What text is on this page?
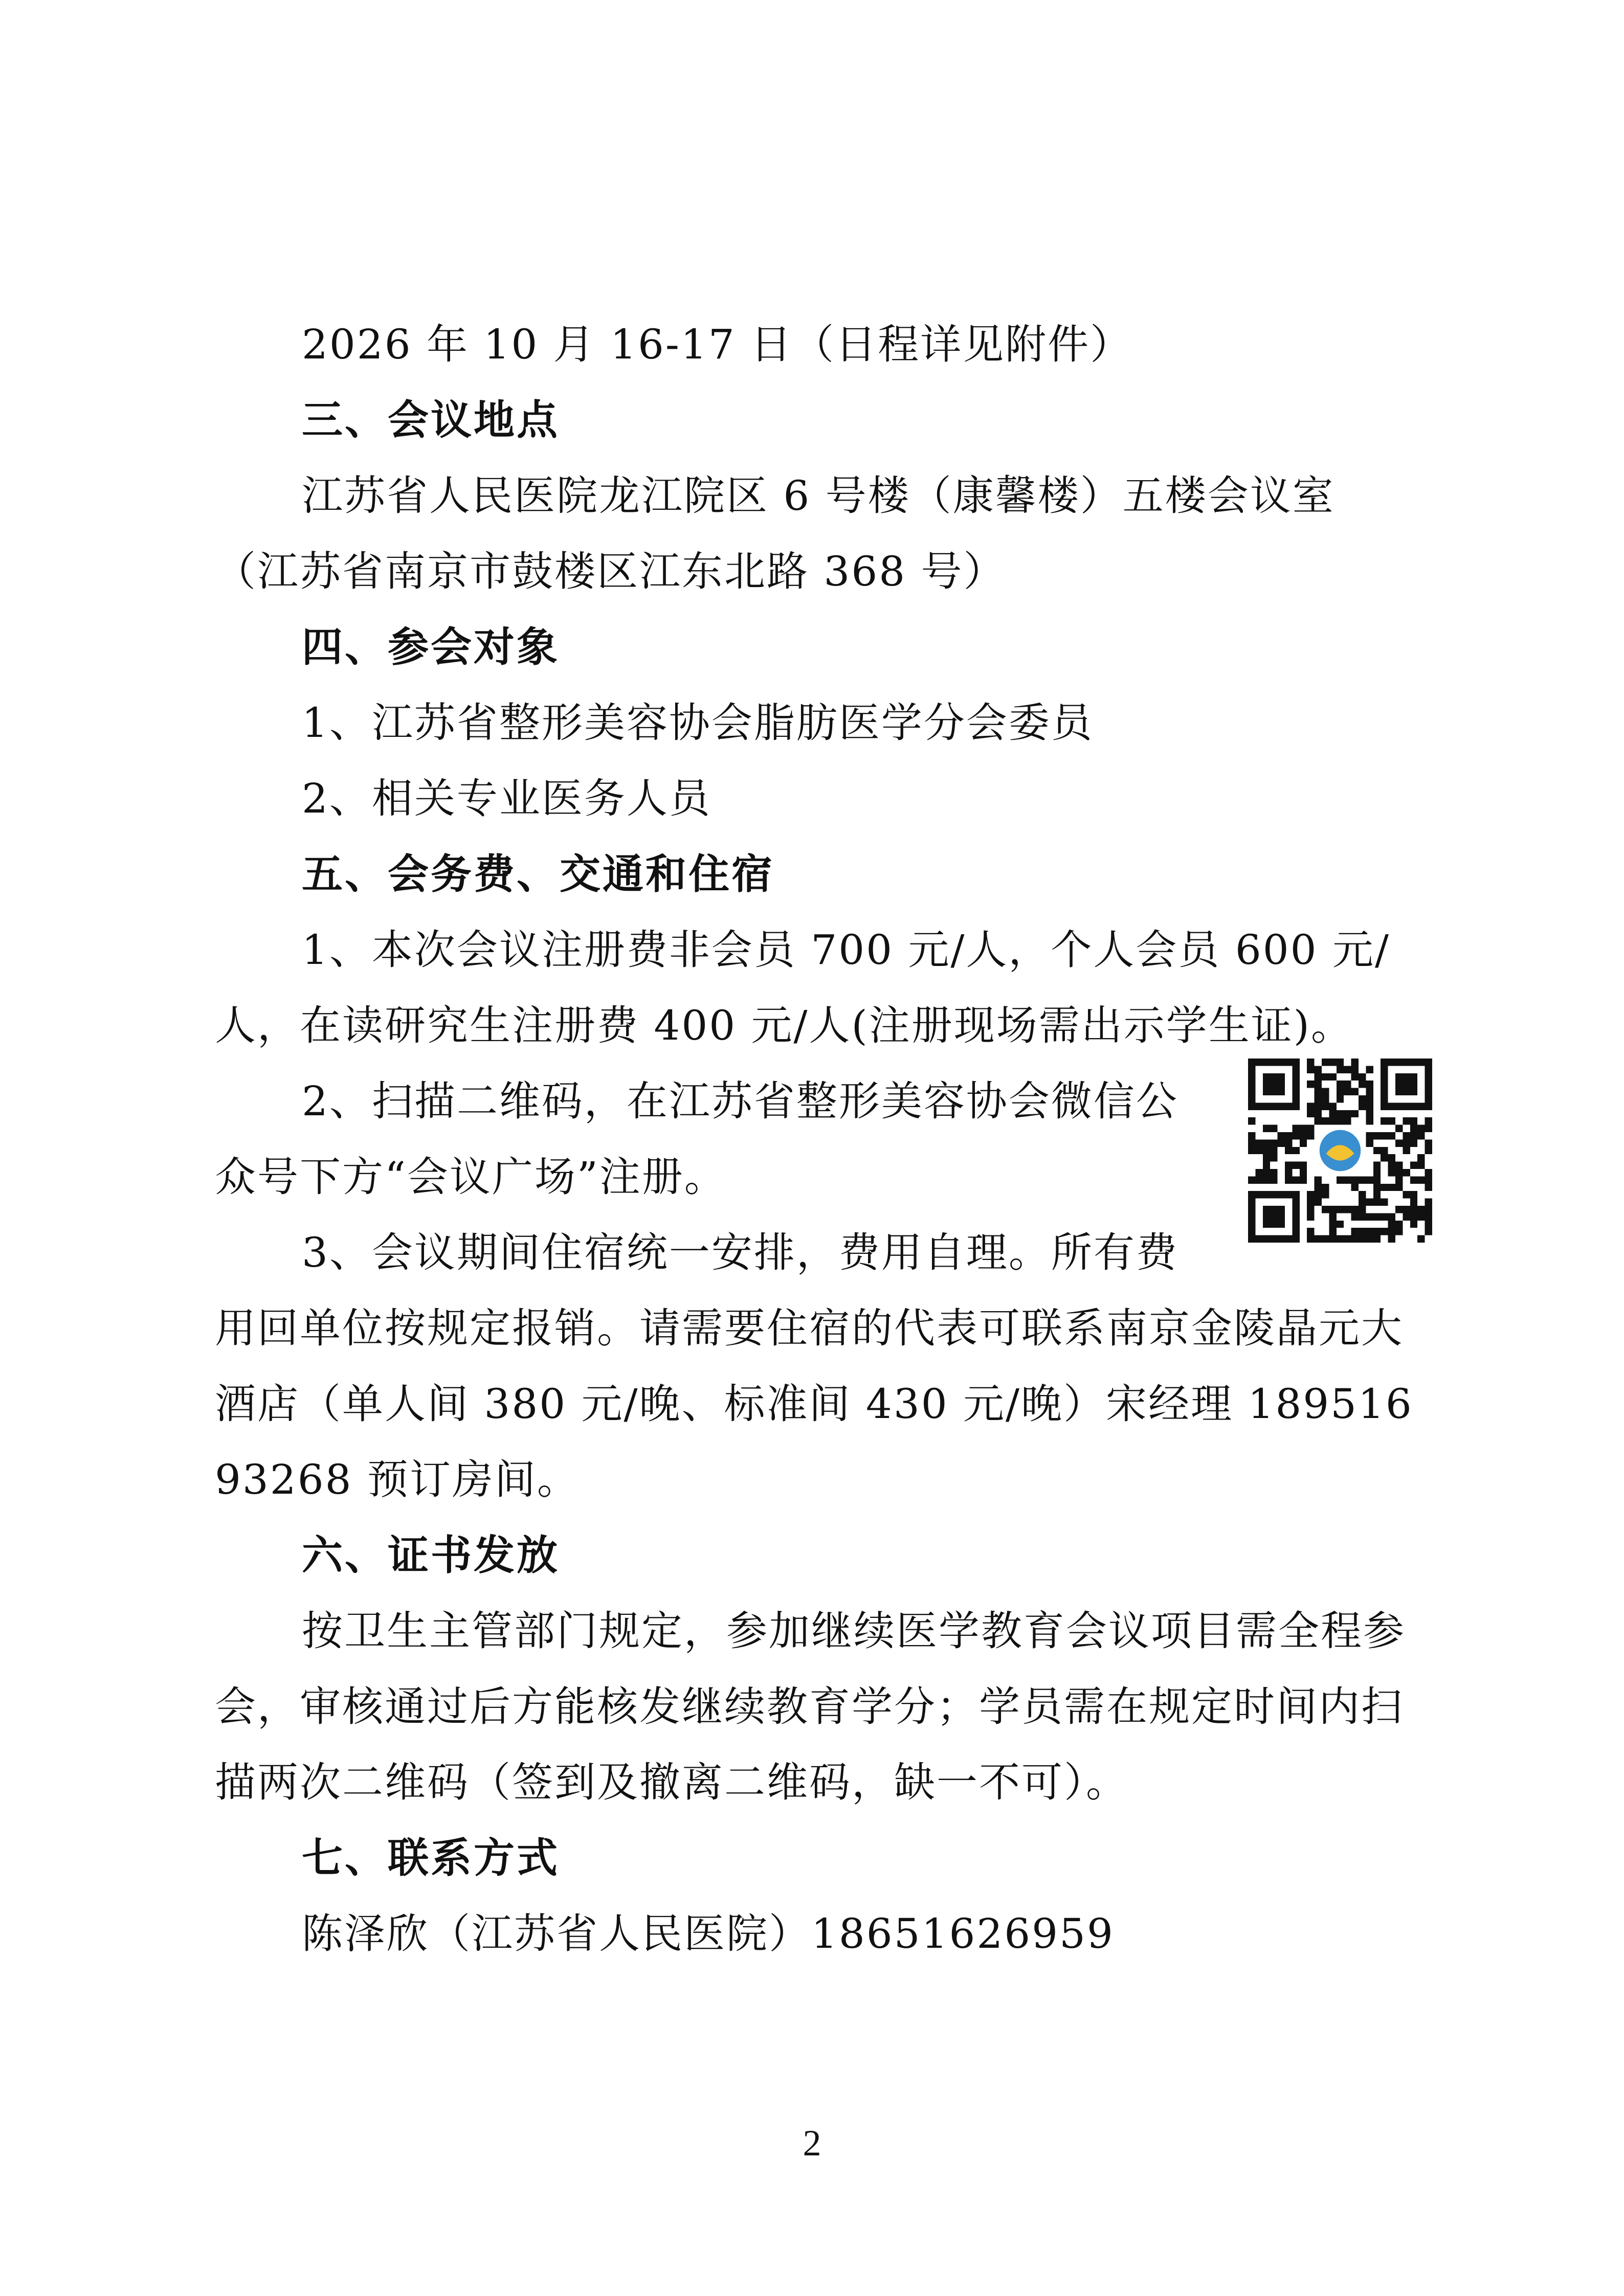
2026 年 10 月 16-17 日（日程详见附件）

三、会议地点

江苏省人民医院龙江院区 6 号楼（康馨楼）五楼会议室（江苏省南京市鼓楼区江东北路 368 号）

四、参会对象

1、江苏省整形美容协会脂肪医学分会委员

2、相关专业医务人员

五、会务费、交通和住宿

1、本次会议注册费非会员 700 元/人，个人会员 600 元/人，在读研究生注册费 400 元/人(注册现场需出示学生证)。

2、扫描二维码，在江苏省整形美容协会微信公众号下方“会议广场”注册。

3、会议期间住宿统一安排，费用自理。所有费

用回单位按规定报销。请需要住宿的代表可联系南京金陵晶元大酒店（单人间 380 元/晚、标准间 430 元/晚）宋经理 18951693268 预订房间。

六、证书发放

按卫生主管部门规定，参加继续医学教育会议项目需全程参会，审核通过后方能核发继续教育学分；学员需在规定时间内扫描两次二维码（签到及撤离二维码，缺一不可）。

七、联系方式

陈泽欣（江苏省人民医院）18651626959

2
